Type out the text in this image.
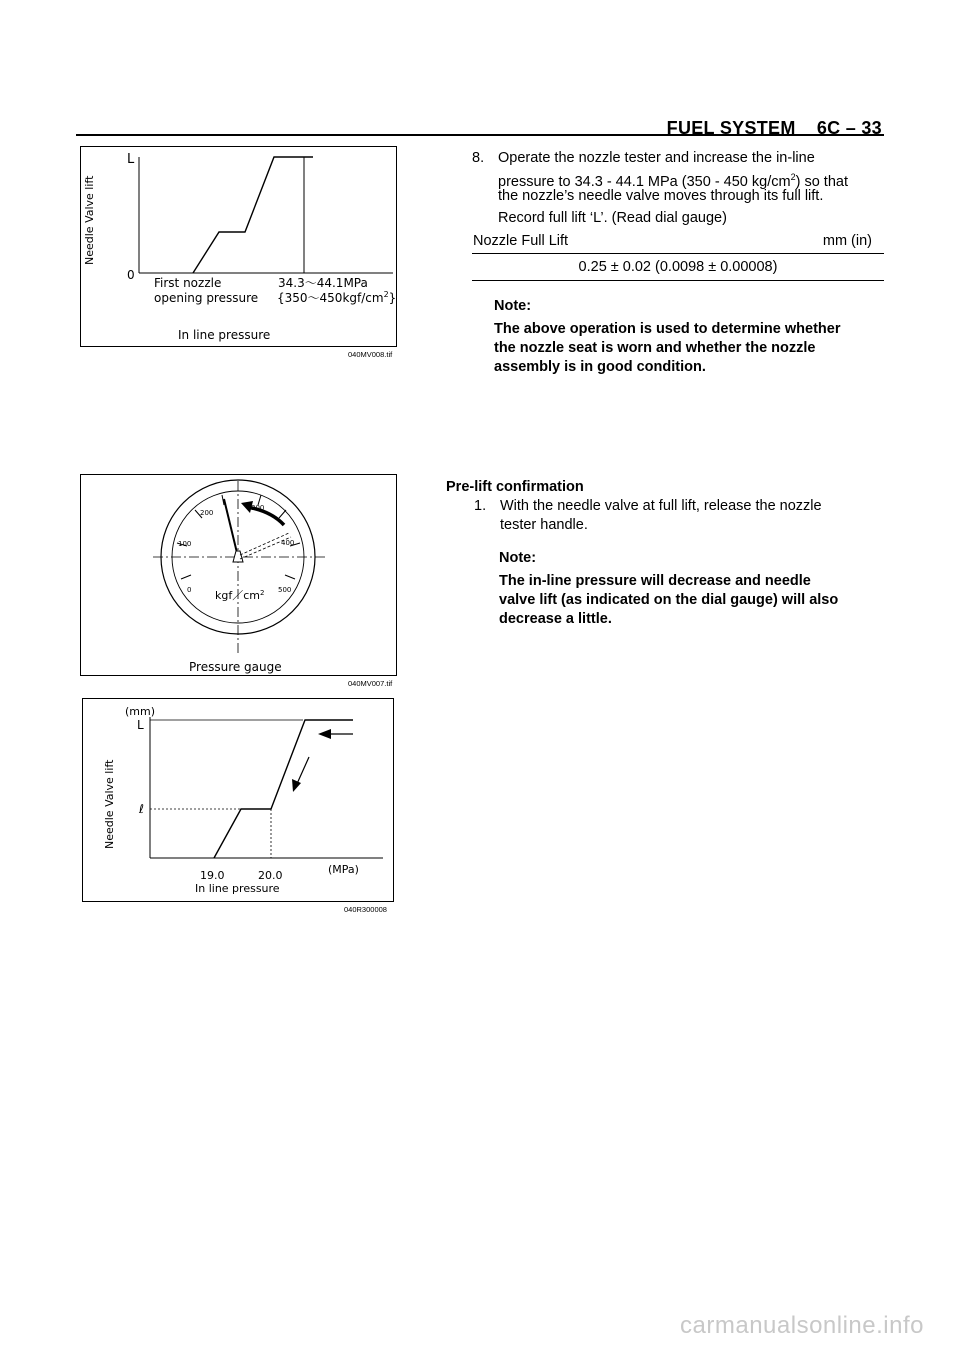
FUEL SYSTEM    6C – 33
Needle Valve lift
L
0
First nozzle
opening pressure
34.3～44.1MPa
$\{350\sim 450kgf/cm^2\}$
In line pressure
040MV008.tif
8. Operate the nozzle tester and increase the in-line
pressure to 34.3 - 44.1 MPa (350 - 450 $kg/cm^2$) so that
the nozzle’s needle valve moves through its full lift.
Record full lift ‘L’. (Read dial gauge)
Nozzle Full Lift	mm (in)
0.25 ± 0.02 (0.0098 ± 0.00008)
Note:
The above operation is used to determine whether
the nozzle seat is worn and whether the nozzle
assembly is in good condition.
0
100
200
300
400
500
$kgf/cm^2$
Pressure gauge
040MV007.tif
Pre-lift confirmation
1. With the needle valve at full lift, release the nozzle
tester handle.
Note:
The in-line pressure will decrease and needle
valve lift (as indicated on the dial gauge) will also
decrease a little.
(mm)
L
ℓ
Needle Valve lift
19.0	20.0	(MPa)
In line pressure
040R300008
carmanualsonline.info
